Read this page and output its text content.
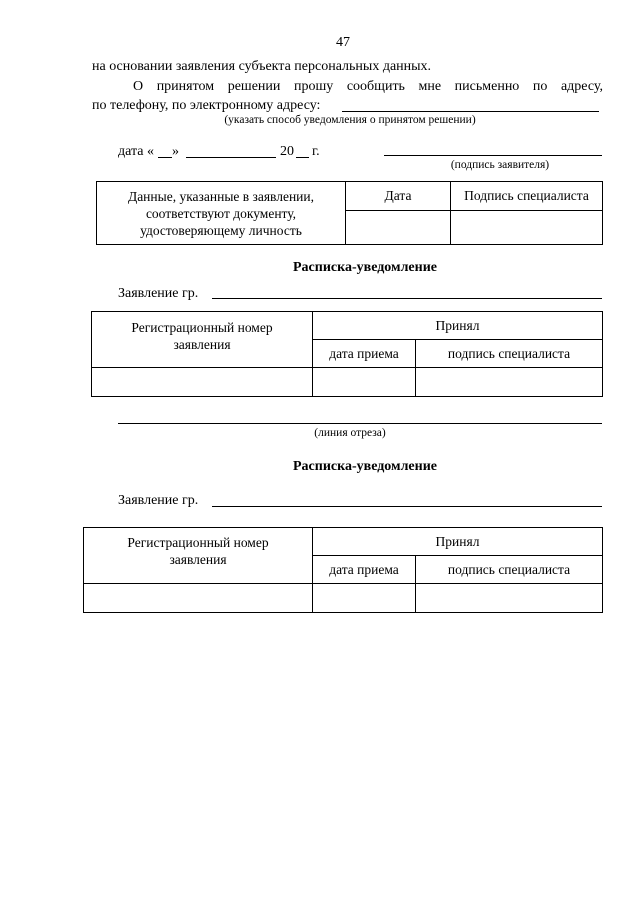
47
на основании заявления субъекта персональных данных.
О принятом решении прошу сообщить мне письменно по адресу,
по телефону, по электронному адресу:
(указать способ уведомления о принятом решении)
дата « »	20 г.
(подпись заявителя)
Данные, указанные в заявлении,
соответствуют документу,
удостоверяющему личность	Дата	Подпись специалиста

Расписка-уведомление
Заявление гр.
Регистрационный номер
заявления	Принял	
	дата приема	подпись специалиста

(линия отреза)
Расписка-уведомление
Заявление гр.
Регистрационный номер
заявления	Принял	
	дата приема	подпись специалиста
